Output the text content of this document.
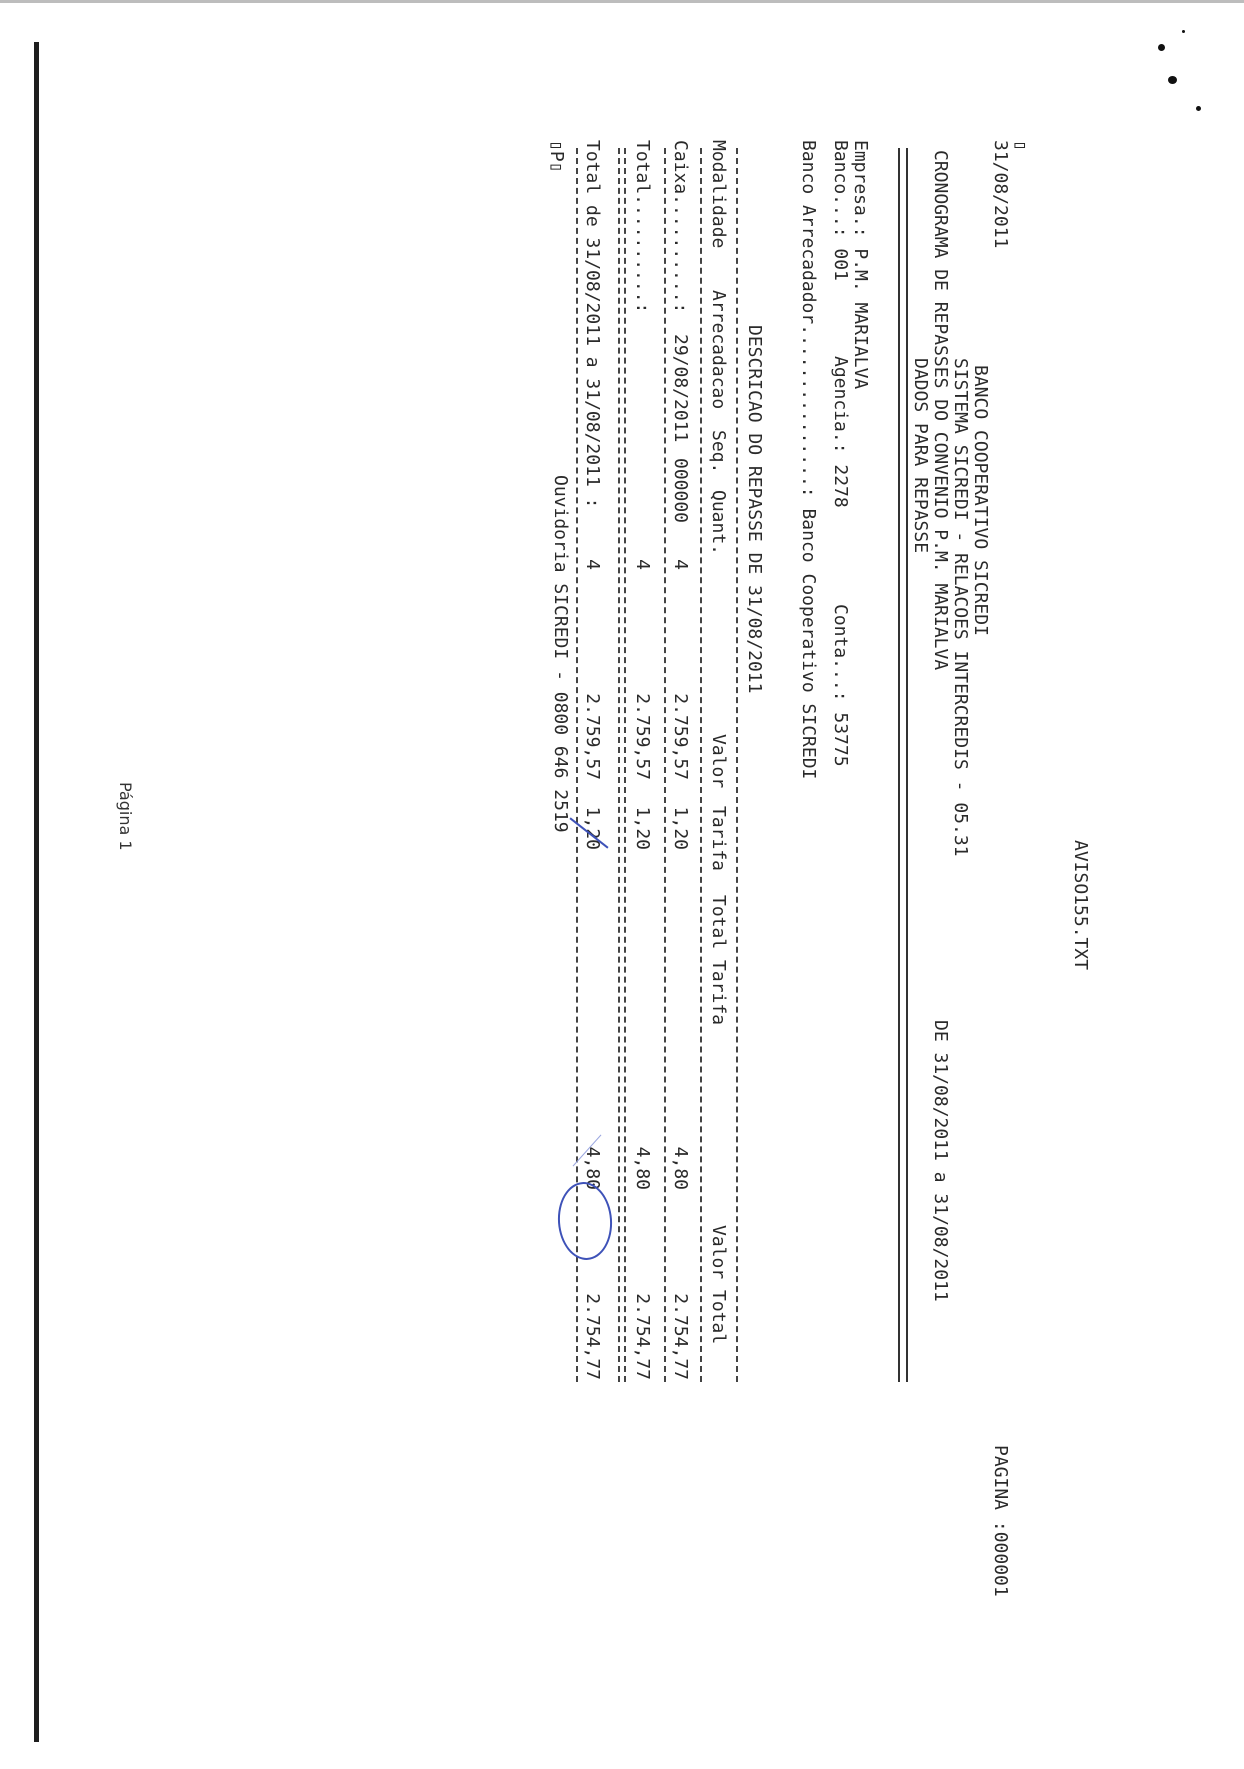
AVISO155.TXT

▯

31/08/2011

PAGINA :000001

BANCO COOPERATIVO SICREDI

SISTEMA SICREDI - RELACOES INTERCREDIS - 05.31

CRONOGRAMA DE REPASSES DO CONVENIO P.M. MARIALVA

DE 31/08/2011 a 31/08/2011

DADOS PARA REPASSE

Empresa.: P.M. MARIALVA

Banco...: 001

Agencia.: 2278

Conta...: 53775

Banco Arrecadador...............: Banco Cooperativo SICREDI

DESCRICAO DO REPASSE DE 31/08/2011

Modalidade

Arrecadacao

Seq.

Quant.

Valor

Tarifa

Total Tarifa

Valor Total

Caixa..........:

29/08/2011

000000

4

2.759,57

1,20

4,80

2.754,77

Total..........:

4

2.759,57

1,20

4,80

2.754,77

Total de 31/08/2011 a 31/08/2011 :

4

2.759,57

1,20

4,80

2.754,77

Ouvidoria SICREDI - 0800 646 2519

▯P▯

Página 1
